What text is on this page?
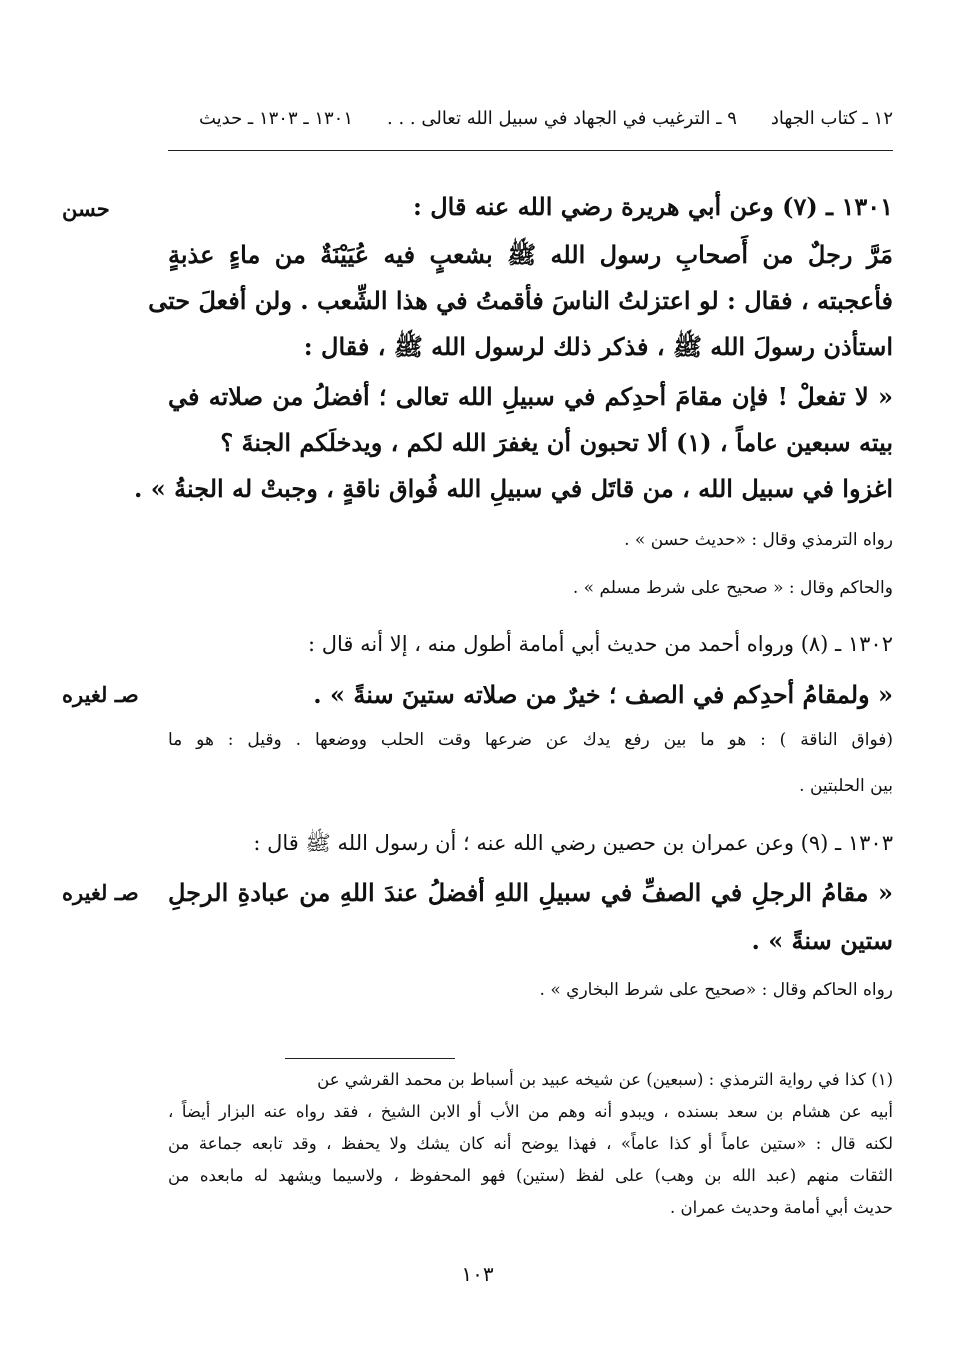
١٢ ـ كتاب الجهاد
٩ ـ الترغيب في الجهاد في سبيل الله تعالى . . .
١٣٠١ ـ ١٣٠٣ ـ حديث
حسن
صـ لغيره
صـ لغيره
١٣٠١ ـ (٧) وعن أبي هريرة رضي الله عنه قال :
مَرَّ رجلٌ من أَصحابِ رسول الله ﷺ بشعبٍ فيه عُيَيْنَةٌ من ماءٍ عذبةٍ
فأعجبته ، فقال : لو اعتزلتُ الناسَ فأقمتُ في هذا الشِّعب . ولن أفعلَ حتى
استأذن رسولَ الله ﷺ ، فذكر ذلك لرسول الله ﷺ ، فقال :
« لا تفعلْ ! فإن مقامَ أحدِكم في سبيلِ الله تعالى ؛ أفضلُ من صلاته في
بيته سبعين عاماً ، (١) ألا تحبون أن يغفرَ الله لكم ، ويدخلَكم الجنةَ ؟
اغزوا في سبيل الله ، من قاتَل في سبيلِ الله فُواق ناقةٍ ، وجبتْ له الجنةُ » .
رواه الترمذي وقال : «حديث حسن » .
والحاكم وقال : « صحيح على شرط مسلم » .
١٣٠٢ ـ (٨) ورواه أحمد من حديث أبي أمامة أطول منه ، إلا أنه قال :
« ولمقامُ أحدِكم في الصف ؛ خيرٌ من صلاته ستينَ سنةً » .
(فواق الناقة ) : هو ما بين رفع يدك عن ضرعها وقت الحلب ووضعها . وقيل : هو ما
بين الحلبتين .
١٣٠٣ ـ (٩) وعن عمران بن حصين رضي الله عنه ؛ أن رسول الله ﷺ قال :
« مقامُ الرجلِ في الصفِّ في سبيلِ اللهِ أفضلُ عندَ اللهِ من عبادةِ الرجلِ
ستين سنةً » .
رواه الحاكم وقال : «صحيح على شرط البخاري » .
(١) كذا في رواية الترمذي : (سبعين) عن شيخه عبيد بن أسباط بن محمد القرشي عن
أبيه عن هشام بن سعد بسنده ، ويبدو أنه وهم من الأب أو الابن الشيخ ، فقد رواه عنه البزار أيضاً ،
لكنه قال : «ستين عاماً أو كذا عاماً» ، فهذا يوضح أنه كان يشك ولا يحفظ ، وقد تابعه جماعة من
الثقات منهم (عبد الله بن وهب) على لفظ (ستين) فهو المحفوظ ، ولاسيما ويشهد له مابعده من
حديث أبي أمامة وحديث عمران .
١٠٣
